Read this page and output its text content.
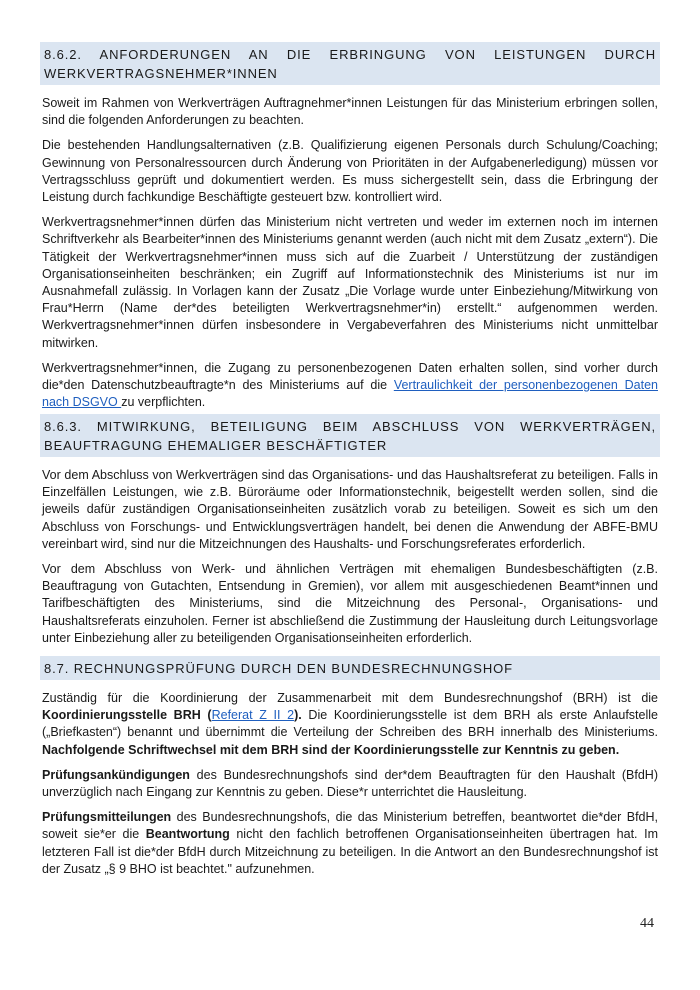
8.6.2. ANFORDERUNGEN AN DIE ERBRINGUNG VON LEISTUNGEN DURCH WERKVERTRAGSNEHMER*INNEN

Soweit im Rahmen von Werkverträgen Auftragnehmer*innen Leistungen für das Ministerium erbringen sollen, sind die folgenden Anforderungen zu beachten.

Die bestehenden Handlungsalternativen (z.B. Qualifizierung eigenen Personals durch Schulung/Coaching; Gewinnung von Personalressourcen durch Änderung von Prioritäten in der Aufgabenerledigung) müssen vor Vertragsschluss geprüft und dokumentiert werden. Es muss sichergestellt sein, dass die Erbringung der Leistung durch fachkundige Beschäftigte gesteuert bzw. kontrolliert wird.

Werkvertragsnehmer*innen dürfen das Ministerium nicht vertreten und weder im externen noch im internen Schriftverkehr als Bearbeiter*innen des Ministeriums genannt werden (auch nicht mit dem Zusatz „extern“). Die Tätigkeit der Werkvertragsnehmer*innen muss sich auf die Zuarbeit / Unterstützung der zuständigen Organisationseinheiten beschränken; ein Zugriff auf Informationstechnik des Ministeriums ist nur im Ausnahmefall zulässig. In Vorlagen kann der Zusatz „Die Vorlage wurde unter Einbeziehung/Mitwirkung von Frau*Herrn (Name der*des beteiligten Werkvertragsnehmer*in) erstellt.“ aufgenommen werden. Werkvertragsnehmer*innen dürfen insbesondere in Vergabeverfahren des Ministeriums nicht unmittelbar mitwirken.

Werkvertragsnehmer*innen, die Zugang zu personenbezogenen Daten erhalten sollen, sind vorher durch die*den Datenschutzbeauftragte*n des Ministeriums auf die Vertraulichkeit der personenbezogenen Daten nach DSGVO zu verpflichten.

8.6.3. MITWIRKUNG, BETEILIGUNG BEIM ABSCHLUSS VON WERKVERTRÄGEN, BEAUFTRAGUNG EHEMALIGER BESCHÄFTIGTER

Vor dem Abschluss von Werkverträgen sind das Organisations- und das Haushaltsreferat zu beteiligen. Falls in Einzelfällen Leistungen, wie z.B. Büroräume oder Informationstechnik, beigestellt werden sollen, sind die jeweils dafür zuständigen Organisationseinheiten zusätzlich vorab zu beteiligen. Soweit es sich um den Abschluss von Forschungs- und Entwicklungsverträgen handelt, bei denen die Anwendung der ABFE-BMU vereinbart wird, sind nur die Mitzeichnungen des Haushalts- und Forschungsreferates erforderlich.

Vor dem Abschluss von Werk- und ähnlichen Verträgen mit ehemaligen Bundesbeschäftigten (z.B. Beauftragung von Gutachten, Entsendung in Gremien), vor allem mit ausgeschiedenen Beamt*innen und Tarifbeschäftigten des Ministeriums, sind die Mitzeichnung des Personal-, Organisations- und Haushaltsreferats einzuholen. Ferner ist abschließend die Zustimmung der Hausleitung durch Leitungsvorlage unter Einbeziehung aller zu beteiligenden Organisationseinheiten erforderlich.

8.7. RECHNUNGSPRÜFUNG DURCH DEN BUNDESRECHNUNGSHOF

Zuständig für die Koordinierung der Zusammenarbeit mit dem Bundesrechnungshof (BRH) ist die Koordinierungsstelle BRH (Referat Z II 2). Die Koordinierungsstelle ist dem BRH als erste Anlaufstelle („Briefkasten“) benannt und übernimmt die Verteilung der Schreiben des BRH innerhalb des Ministeriums. Nachfolgende Schriftwechsel mit dem BRH sind der Koordinierungsstelle zur Kenntnis zu geben.

Prüfungsankündigungen des Bundesrechnungshofs sind der*dem Beauftragten für den Haushalt (BfdH) unverzüglich nach Eingang zur Kenntnis zu geben. Diese*r unterrichtet die Hausleitung.

Prüfungsmitteilungen des Bundesrechnungshofs, die das Ministerium betreffen, beantwortet die*der BfdH, soweit sie*er die Beantwortung nicht den fachlich betroffenen Organisationseinheiten übertragen hat. Im letzteren Fall ist die*der BfdH durch Mitzeichnung zu beteiligen. In die Antwort an den Bundesrechnungshof ist der Zusatz „§ 9 BHO ist beachtet." aufzunehmen.

44
